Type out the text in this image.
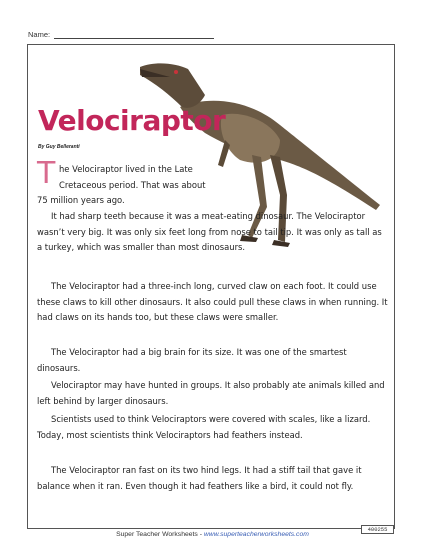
Name:
Velociraptor
By Guy Belleranti
T he Velociraptor lived in the Late Cretaceous period. That was about

75 million years ago.

It had sharp teeth because it was a meat-eating dinosaur. The Velociraptor wasn’t very big. It was only six feet long from nose to tail tip. It was only as tall as a turkey, which was smaller than most dinosaurs.

The Velociraptor had a three-inch long, curved claw on each foot. It could use these claws to kill other dinosaurs. It also could pull these claws in when running. It had claws on its hands too, but these claws were smaller.

The Velociraptor had a big brain for its size. It was one of the smartest dinosaurs.

Velociraptor may have hunted in groups. It also probably ate animals killed and left behind by larger dinosaurs.

Scientists used to think Velociraptors were covered with scales, like a lizard. Today, most scientists think Velociraptors had feathers instead.

The Velociraptor ran fast on its two hind legs. It had a stiff tail that gave it balance when it ran. Even though it had feathers like a bird, it could not fly.

Super Teacher Worksheets - www.superteacherworksheets.com
400255
